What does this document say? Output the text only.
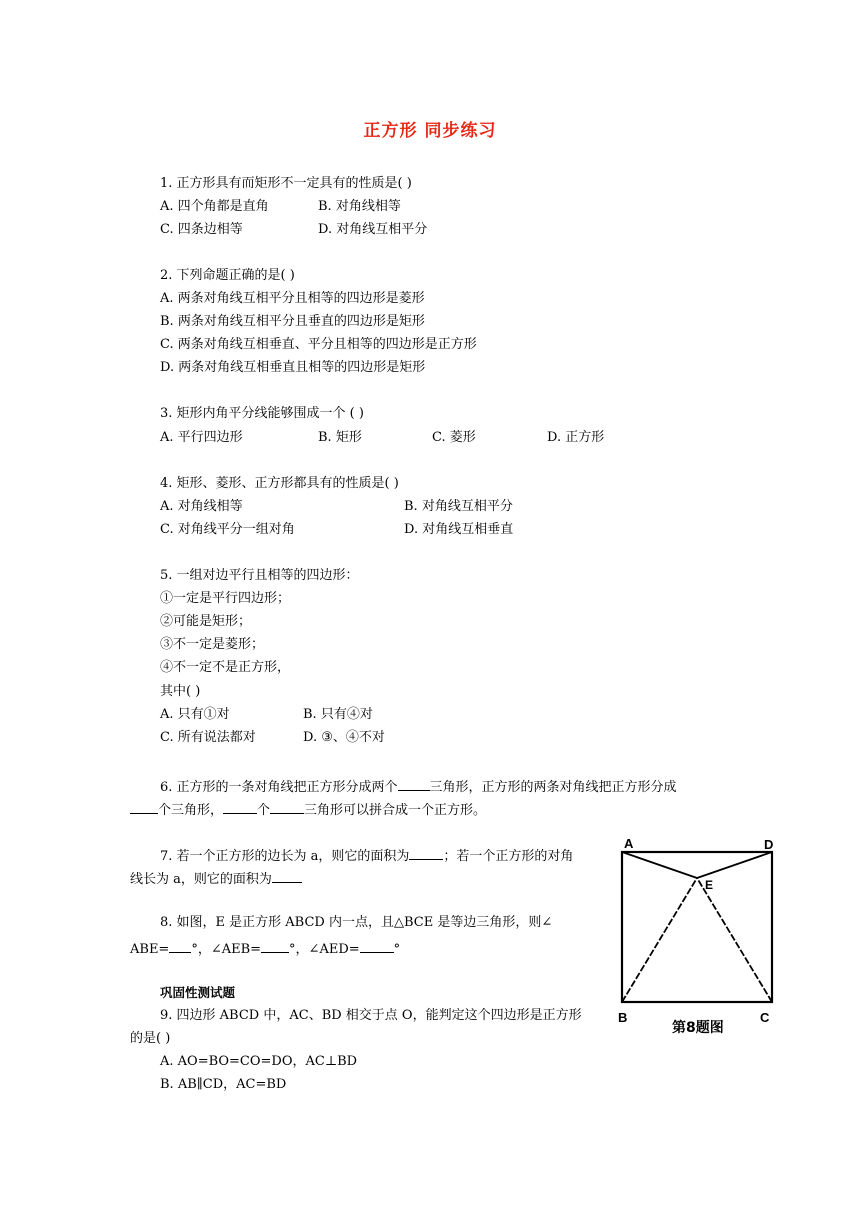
正方形 同步练习
1. 正方形具有而矩形不一定具有的性质是( )
A. 四个角都是直角	B. 对角线相等
C. 四条边相等	D. 对角线互相平分
2. 下列命题正确的是( )
A. 两条对角线互相平分且相等的四边形是菱形
B. 两条对角线互相平分且垂直的四边形是矩形
C. 两条对角线互相垂直、平分且相等的四边形是正方形
D. 两条对角线互相垂直且相等的四边形是矩形
3. 矩形内角平分线能够围成一个 ( )
A. 平行四边形	B. 矩形	C. 菱形	D. 正方形
4. 矩形、菱形、正方形都具有的性质是( )
A. 对角线相等	B. 对角线互相平分
C. 对角线平分一组对角	D. 对角线互相垂直
5. 一组对边平行且相等的四边形：
①一定是平行四边形；
②可能是矩形；
③不一定是菱形；
④不一定不是正方形，
其中( )
A. 只有①对	B. 只有④对
C. 所有说法都对	D. ③、④不对
6. 正方形的一条对角线把正方形分成两个 三角形，正方形的两条对角线把正方形分成
个三角形，	个	三角形可以拼合成一个正方形。
7. 若一个正方形的边长为 a，则它的面积为	；若一个正方形的对角
线长为 a，则它的面积为
8. 如图，E 是正方形 ABCD 内一点，且△BCE 是等边三角形，则∠
ABE= °，∠AEB= °，∠AED=	°
巩固性测试题
9. 四边形 ABCD 中，AC、BD 相交于点 O，能判定这个四边形是正方形
的是( )
A. AO=BO=CO=DO，AC⊥BD
B. AB∥CD，AC=BD
A	D
E
B	C
第8题图
